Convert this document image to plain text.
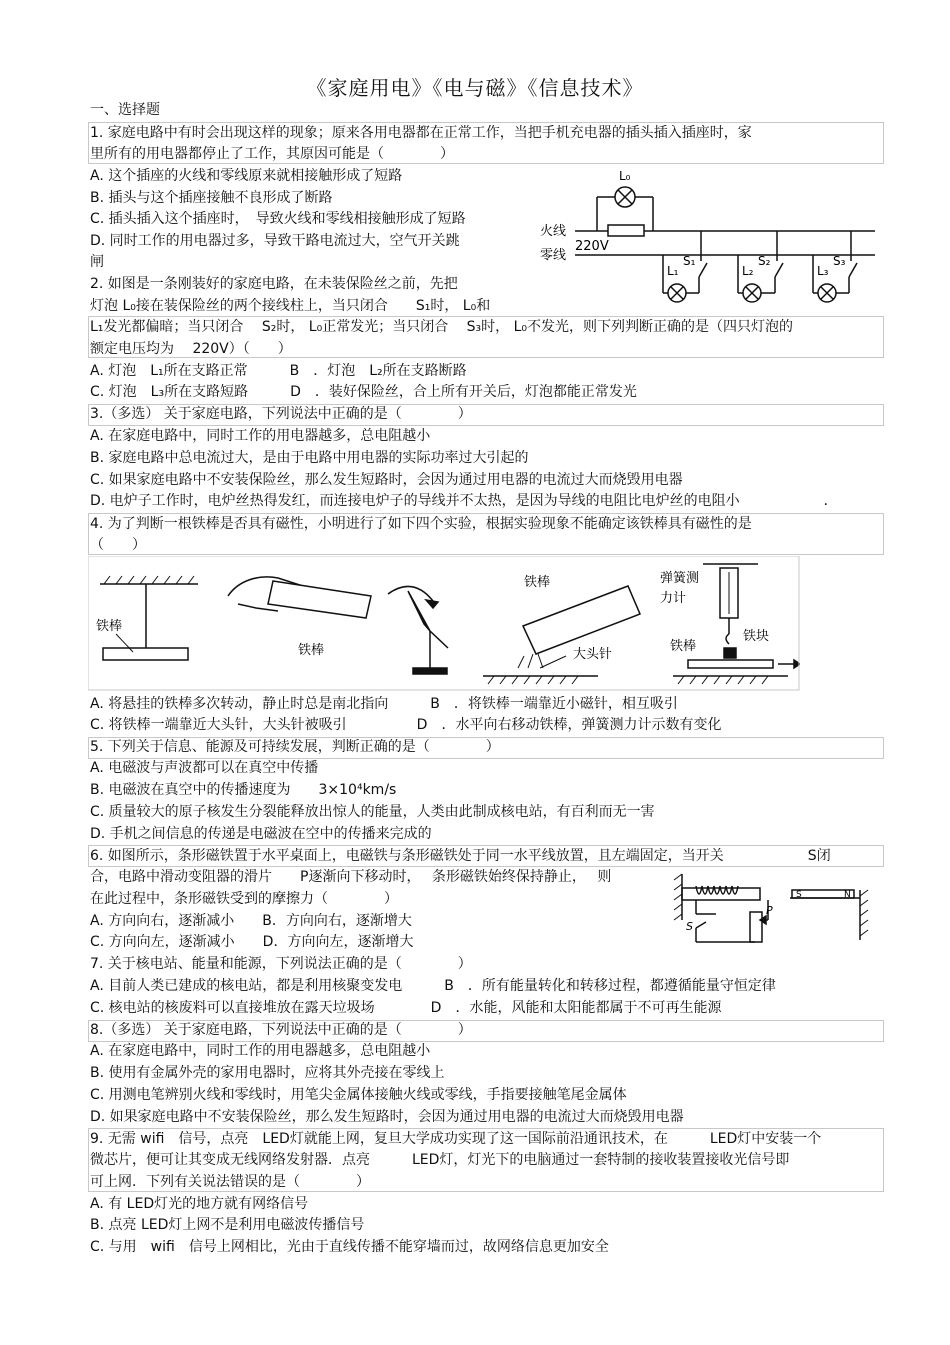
《家庭用电》《电与磁》《信息技术》
一、选择题
1. 家庭电路中有时会出现这样的现象；原来各用电器都在正常工作，当把手机充电器的插头插入插座时，家
里所有的用电器都停止了工作，其原因可能是（　　　　）
A. 这个插座的火线和零线原来就相接触形成了短路
B. 插头与这个插座接触不良形成了断路
C. 插头插入这个插座时，　导致火线和零线相接触形成了短路
D. 同时工作的用电器过多，导致干路电流过大，空气开关跳
闸
2. 如图是一条刚装好的家庭电路，在未装保险丝之前，先把
灯泡 L₀接在装保险丝的两个接线柱上，当只闭合　　S₁时， L₀和
L₁发光都偏暗；当只闭合　 S₂时， L₀正常发光；当只闭合　 S₃时， L₀不发光，则下列判断正确的是（四只灯泡的
额定电压均为　 220V）（　　）
A. 灯泡　L₁所在支路正常　　　B　．灯泡　L₂所在支路断路
C. 灯泡　L₃所在支路短路　　　D　．装好保险丝，合上所有开关后，灯泡都能正常发光
3.（多选） 关于家庭电路，下列说法中正确的是（　　　　）
A. 在家庭电路中，同时工作的用电器越多，总电阻越小
B. 家庭电路中总电流过大，是由于电路中用电器的实际功率过大引起的
C. 如果家庭电路中不安装保险丝，那么发生短路时，会因为通过用电器的电流过大而烧毁用电器
D. 电炉子工作时，电炉丝热得发红，而连接电炉子的导线并不太热，是因为导线的电阻比电炉丝的电阻小　　　　　　．
4. 为了判断一根铁棒是否具有磁性，小明进行了如下四个实验，根据实验现象不能确定该铁棒具有磁性的是
（　　）
A. 将悬挂的铁棒多次转动，静止时总是南北指向　　　B　．将铁棒一端靠近小磁针，相互吸引
C. 将铁棒一端靠近大头针，大头针被吸引　　　　　D　．水平向右移动铁棒，弹簧测力计示数有变化
5. 下列关于信息、能源及可持续发展，判断正确的是（　　　　）
A. 电磁波与声波都可以在真空中传播
B. 电磁波在真空中的传播速度为　　3×10⁴km/s
C. 质量较大的原子核发生分裂能释放出惊人的能量，人类由此制成核电站，有百利而无一害
D. 手机之间信息的传递是电磁波在空中的传播来完成的
6. 如图所示，条形磁铁置于水平桌面上，电磁铁与条形磁铁处于同一水平线放置，且左端固定，当开关　　　　　　S闭
合，电路中滑动变阻器的滑片　　P逐渐向下移动时，　 条形磁铁始终保持静止，　 则
在此过程中，条形磁铁受到的摩擦力（　　　　）
A. 方向向右，逐渐减小　　B．方向向右，逐渐增大
C. 方向向左，逐渐减小　　D．方向向左，逐渐增大
7. 关于核电站、能量和能源，下列说法正确的是（　　　　）
A. 目前人类已建成的核电站，都是利用核聚变发电　　　B　．所有能量转化和转移过程，都遵循能量守恒定律
C. 核电站的核废料可以直接堆放在露天垃圾场　　　　D　．水能，风能和太阳能都属于不可再生能源
8.（多选） 关于家庭电路，下列说法中正确的是（　　　　）
A. 在家庭电路中，同时工作的用电器越多，总电阻越小
B. 使用有金属外壳的家用电器时，应将其外壳接在零线上
C. 用测电笔辨别火线和零线时，用笔尖金属体接触火线或零线，手指要接触笔尾金属体
D. 如果家庭电路中不安装保险丝，那么发生短路时，会因为通过用电器的电流过大而烧毁用电器
9. 无需 wifi　信号，点亮　LED灯就能上网，复旦大学成功实现了这一国际前沿通讯技术，在　　　LED灯中安装一个
微芯片，便可让其变成无线网络发射器．点亮　　　LED灯，灯光下的电脑通过一套特制的接收装置接收光信号即
可上网．下列有关说法错误的是（　　　　）
A. 有 LED灯光的地方就有网络信号
B. 点亮 LED灯上网不是利用电磁波传播信号
C. 与用　wifi　信号上网相比，光由于直线传播不能穿墙而过，故网络信息更加安全
火线
零线
220V
L₀
L₁	L₂	L₃
S₁	S₂	S₃
铁棒
铁棒
铁棒
大头针
弹簧测
力计
铁棒
铁块
S
P
S	N
